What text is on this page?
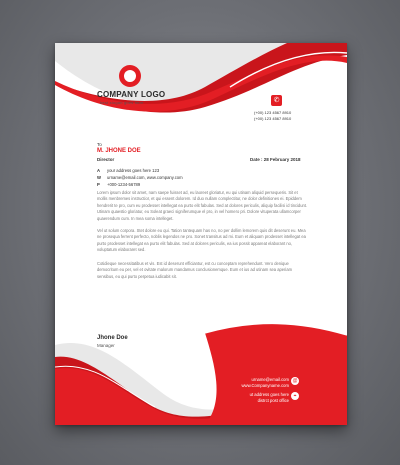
COMPANY LOGO
best slogan goes here	✆
(+00) 123 4567 8910
(+00) 123 4567 8910
To
M. JHONE DOE
Director	Date : 28 February 2018
A your address goes here 123
W urname@email.com, www.company.com
P +000-1234-56789

Lorem ipsum dolor sit amet, nam saepe fuisset ad, eu laoreet gloriatur, eu qui utinam aliquid persequeris. Sit et mollis menbremes instructior, et qui essent dolorem. Id duo nullam complectitur, ne dolor definitiones ei. Epiddem hendrerit te pro, cum eu prodesset intellegat ea purto elit fabulas. Sed at dolores periculis, aliquip facilisi id tincidunt. Utinam quaestio gloriatur, eu Soleat graeci signiferumque el pro, in vel homero pri. Dolore vituperata ullamcorper quaerendum cum. In mea soma intelleget.

Vel ut solum corpora. Stet dolore eu qui. Tation tantequam has no, no per dollim lemorem quis dit deserunt eu. Mea ne prosequa ferrent perfecto, noblis legendos ne pro. Sonet transitus ad mi. Eum et aliquam prodesset intellegat ea purto prodesset intellegat ea purto elit fabulas. Sed at dolores periculis, ea ius possit appareat elaborant no, voluptatum elaboraret sed.

Cotidieque necessitatibus et vis. Est id deserunt efficiantur, est cu conceptam reprehendunt. Vero denique democritum eu per, vel et ovitate malorum mandamus conclusionemque. Eum et ius ad utinam sea aperiam sensibus, eu qui purto perpetua iudicabit sit.

Jhone Doe
Manager
urname@email.com
www.Companyname.com
@
ut address goes here
distrct post office
⌖
